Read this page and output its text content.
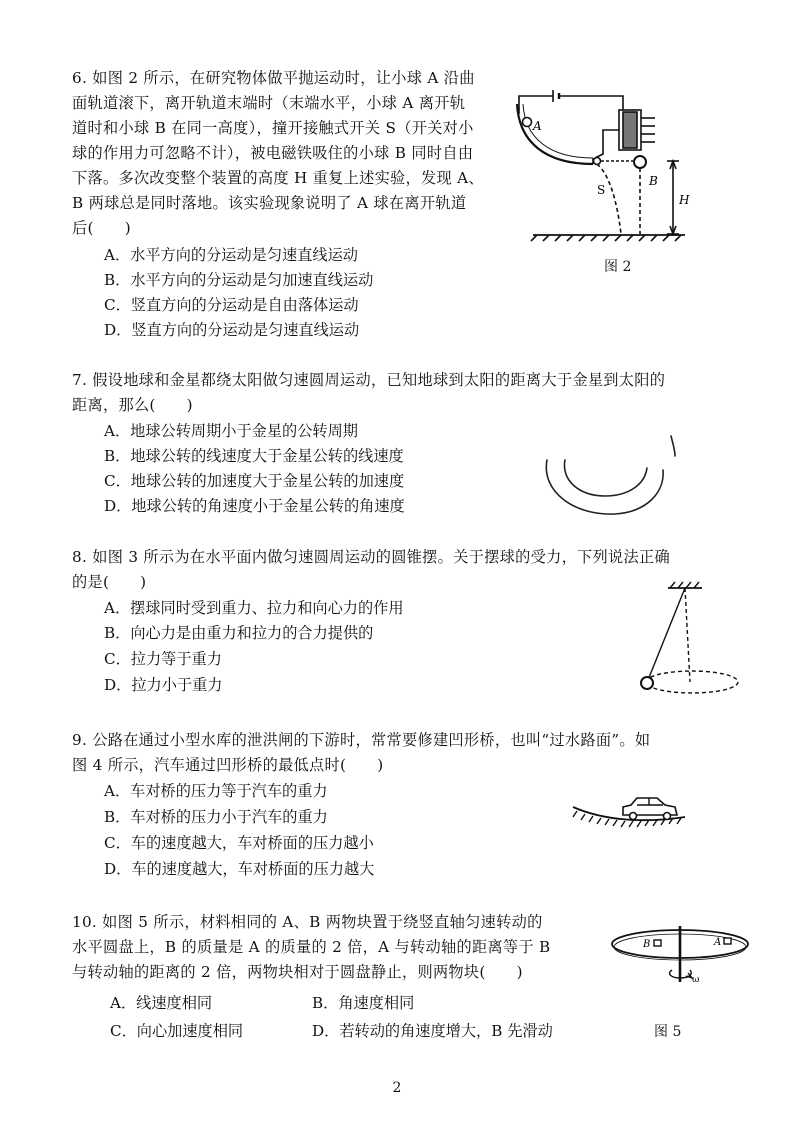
6. 如图 2 所示，在研究物体做平抛运动时，让小球 A 沿曲
面轨道滚下，离开轨道末端时（末端水平，小球 A 离开轨
道时和小球 B 在同一高度），撞开接触式开关 S（开关对小
球的作用力可忽略不计），被电磁铁吸住的小球 B 同时自由
下落。多次改变整个装置的高度 H 重复上述实验，发现 A、
B 两球总是同时落地。该实验现象说明了 A 球在离开轨道
后(　　)
A．水平方向的分运动是匀速直线运动
B．水平方向的分运动是匀加速直线运动
C．竖直方向的分运动是自由落体运动
D．竖直方向的分运动是匀速直线运动
A
B
S
H
图 2
7. 假设地球和金星都绕太阳做匀速圆周运动，已知地球到太阳的距离大于金星到太阳的
距离，那么(　　)
A．地球公转周期小于金星的公转周期
B．地球公转的线速度大于金星公转的线速度
C．地球公转的加速度大于金星公转的加速度
D．地球公转的角速度小于金星公转的角速度
8. 如图 3 所示为在水平面内做匀速圆周运动的圆锥摆。关于摆球的受力，下列说法正确
的是(　　)
A．摆球同时受到重力、拉力和向心力的作用
B．向心力是由重力和拉力的合力提供的
C．拉力等于重力
D．拉力小于重力
9. 公路在通过小型水库的泄洪闸的下游时，常常要修建凹形桥，也叫“过水路面”。如
图 4 所示，汽车通过凹形桥的最低点时(　　)
A．车对桥的压力等于汽车的重力
B．车对桥的压力小于汽车的重力
C．车的速度越大，车对桥面的压力越小
D．车的速度越大，车对桥面的压力越大
10. 如图 5 所示，材料相同的 A、B 两物块置于绕竖直轴匀速转动的
水平圆盘上，B 的质量是 A 的质量的 2 倍，A 与转动轴的距离等于 B
与转动轴的距离的 2 倍，两物块相对于圆盘静止，则两物块(　　)
A．线速度相同	B．角速度相同
C．向心加速度相同	D．若转动的角速度增大，B 先滑动
B	A
ω
图 5
2
